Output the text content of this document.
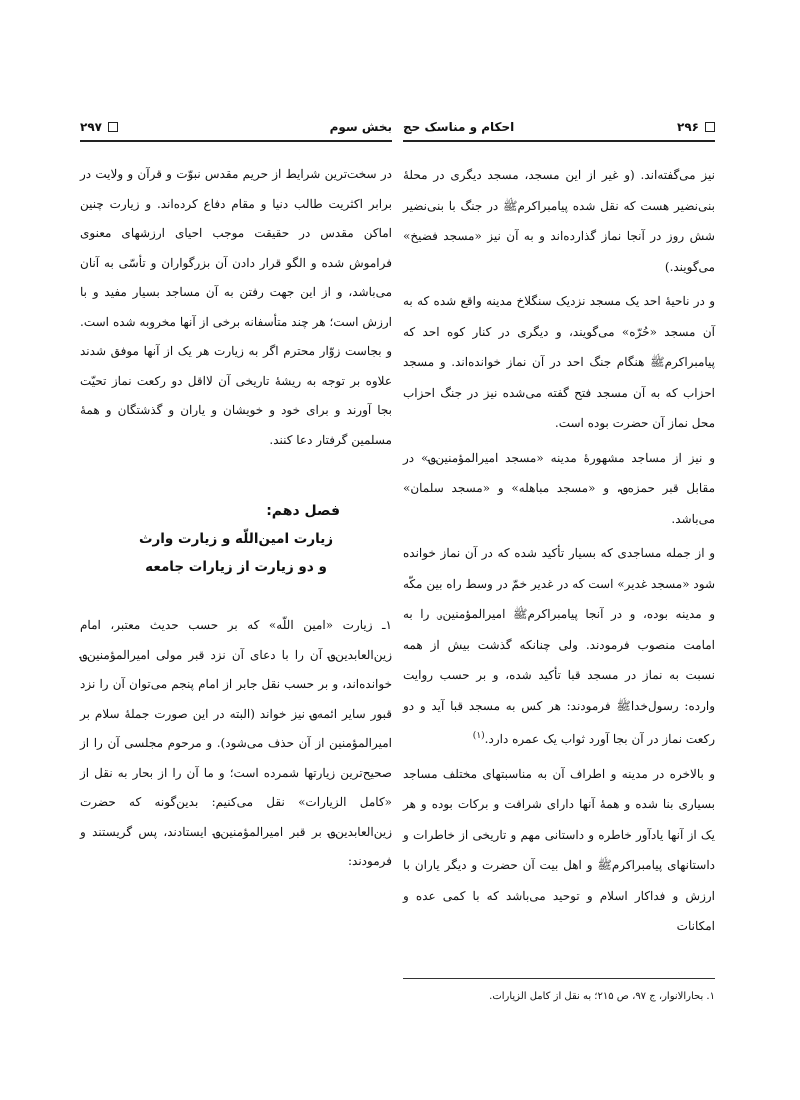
۲۹۶
احکام و مناسک حج

نیز می‌گفته‌اند. (و غیر از این مسجد، مسجد دیگری در محلهٔ بنی‌نضیر هست که نقل شده پیامبراکرم‌ﷺ در جنگ با بنی‌نضیر شش روز در آنجا نماز گذارده‌اند و به آن نیز «مسجد فضیخ» می‌گویند.)

و در ناحیهٔ احد یک مسجد نزدیک سنگلاخ مدینه واقع شده که به آن مسجد «حُرّه» می‌گویند، و دیگری در کنار کوه احد که پیامبراکرم‌ﷺ هنگام جنگ احد در آن نماز خوانده‌اند. و مسجد احزاب که به آن مسجد فتح گفته می‌شده نیز در جنگ احزاب محل نماز آن حضرت بوده است.

و نیز از مساجد مشهورهٔ مدینه «مسجد امیرالمؤمنین‌؈» در مقابل قبر حمزه‌؈، و «مسجد مباهله» و «مسجد سلمان» می‌باشد.

و از جمله مساجدی که بسیار تأکید شده که در آن نماز خوانده شود «مسجد غدیر» است که در غدیر خمّ در وسط راه بین مکّه و مدینه بوده، و در آنجا پیامبراکرم‌ﷺ امیرالمؤمنین‌؈ را به امامت منصوب فرمودند. ولی چنانکه گذشت بیش از همه نسبت به نماز در مسجد قبا تأکید شده، و بر حسب روایت وارده: رسول‌خداﷺ فرمودند: هر کس به مسجد قبا آید و دو رکعت نماز در آن بجا آورد ثواب یک عمره دارد.$^{(۱)}$

و بالاخره در مدینه و اطراف آن به مناسبتهای مختلف مساجد بسیاری بنا شده و همهٔ آنها دارای شرافت و برکات بوده و هر یک از آنها یادآور خاطره و داستانی مهم و تاریخی از خاطرات و داستانهای پیامبراکرم‌ﷺ و اهل بیت آن حضرت و دیگر یاران با ارزش و فداکار اسلام و توحید می‌باشد که با کمی عده و امکانات

۱. بحارالانوار، ج ۹۷، ص ۲۱۵؛ به نقل از کامل الزیارات.
بخش سوم
۲۹۷

در سخت‌ترین شرایط از حریم مقدس نبوّت و قرآن و ولایت در برابر اکثریت طالب دنیا و مقام دفاع کرده‌اند. و زیارت چنین اماکن مقدس در حقیقت موجب احیای ارزشهای معنوی فراموش شده و الگو قرار دادن آن بزرگواران و تأسّی به آنان می‌باشد، و از این جهت رفتن به آن مساجد بسیار مفید و با ارزش است؛ هر چند متأسفانه برخی از آنها مخروبه شده است. و بجاست زوّار محترم اگر به زیارت هر یک از آنها موفق شدند علاوه بر توجه به ریشهٔ تاریخی آن لااقل دو رکعت نماز تحیّت بجا آورند و برای خود و خویشان و یاران و گذشتگان و همهٔ مسلمین گرفتار دعا کنند.

فصل دهم:
زیارت امین‌اللّه و زیارت وارث
و دو زیارت از زیارات جامعه

۱ـ زیارت «امین اللّه» که بر حسب حدیث معتبر، امام زین‌العابدین‌؈ آن را با دعای آن نزد قبر مولی امیرالمؤمنین‌؈ خوانده‌اند، و بر حسب نقل جابر از امام پنجم می‌توان آن را نزد قبور سایر ائمه‌؈ نیز خواند (البته در این صورت جملهٔ سلام بر امیرالمؤمنین از آن حذف می‌شود). و مرحوم مجلسی آن را از صحیح‌ترین زیارتها شمرده است؛ و ما آن را از بحار به نقل از «کامل الزیارات» نقل می‌کنیم: بدین‌گونه که حضرت زین‌العابدین‌؈ بر قبر امیرالمؤمنین‌؈ ایستادند، پس گریستند و فرمودند:
